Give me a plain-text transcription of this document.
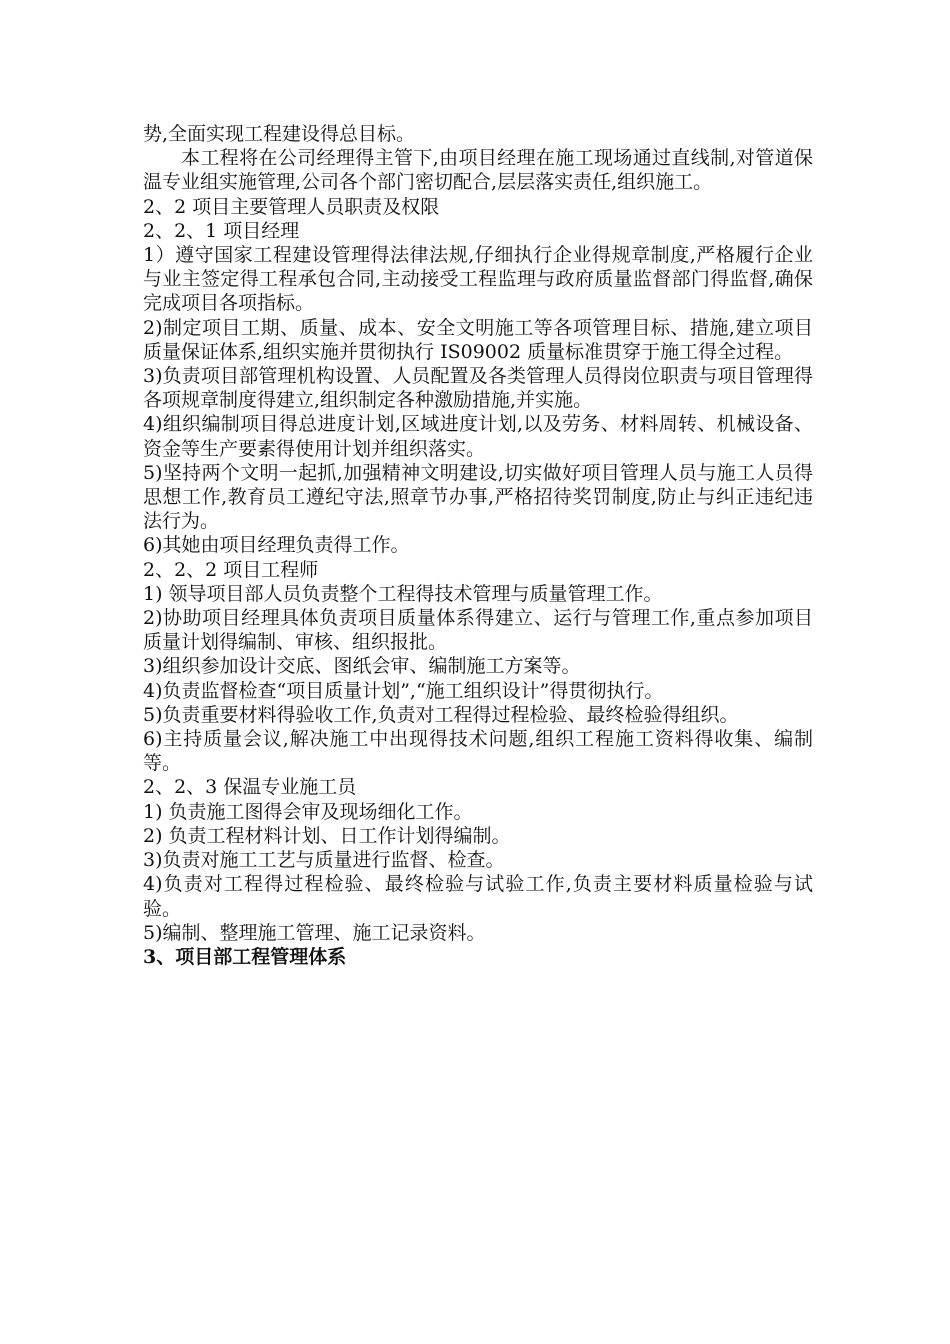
势,全面实现工程建设得总目标。

本工程将在公司经理得主管下,由项目经理在施工现场通过直线制,对管道保温专业组实施管理,公司各个部门密切配合,层层落实责任,组织施工。

2、2 项目主要管理人员职责及权限

2、2、1 项目经理

1）遵守国家工程建设管理得法律法规,仔细执行企业得规章制度,严格履行企业与业主签定得工程承包合同,主动接受工程监理与政府质量监督部门得监督,确保完成项目各项指标。

2)制定项目工期、质量、成本、安全文明施工等各项管理目标、措施,建立项目质量保证体系,组织实施并贯彻执行 IS09002 质量标准贯穿于施工得全过程。

3)负责项目部管理机构设置、人员配置及各类管理人员得岗位职责与项目管理得各项规章制度得建立,组织制定各种激励措施,并实施。

4)组织编制项目得总进度计划,区域进度计划,以及劳务、材料周转、机械设备、资金等生产要素得使用计划并组织落实。

5)坚持两个文明一起抓,加强精神文明建设,切实做好项目管理人员与施工人员得思想工作,教育员工遵纪守法,照章节办事,严格招待奖罚制度,防止与纠正违纪违法行为。

6)其她由项目经理负责得工作。

2、2、2 项目工程师

1) 领导项目部人员负责整个工程得技术管理与质量管理工作。

2)协助项目经理具体负责项目质量体系得建立、运行与管理工作,重点参加项目质量计划得编制、审核、组织报批。

3)组织参加设计交底、图纸会审、编制施工方案等。

4)负责监督检查“项目质量计划”,“施工组织设计”得贯彻执行。

5)负责重要材料得验收工作,负责对工程得过程检验、最终检验得组织。

6)主持质量会议,解决施工中出现得技术问题,组织工程施工资料得收集、编制等。

2、2、3 保温专业施工员

1) 负责施工图得会审及现场细化工作。

2) 负责工程材料计划、日工作计划得编制。

3)负责对施工工艺与质量进行监督、检查。

4)负责对工程得过程检验、最终检验与试验工作,负责主要材料质量检验与试验。

5)编制、整理施工管理、施工记录资料。

3、项目部工程管理体系
